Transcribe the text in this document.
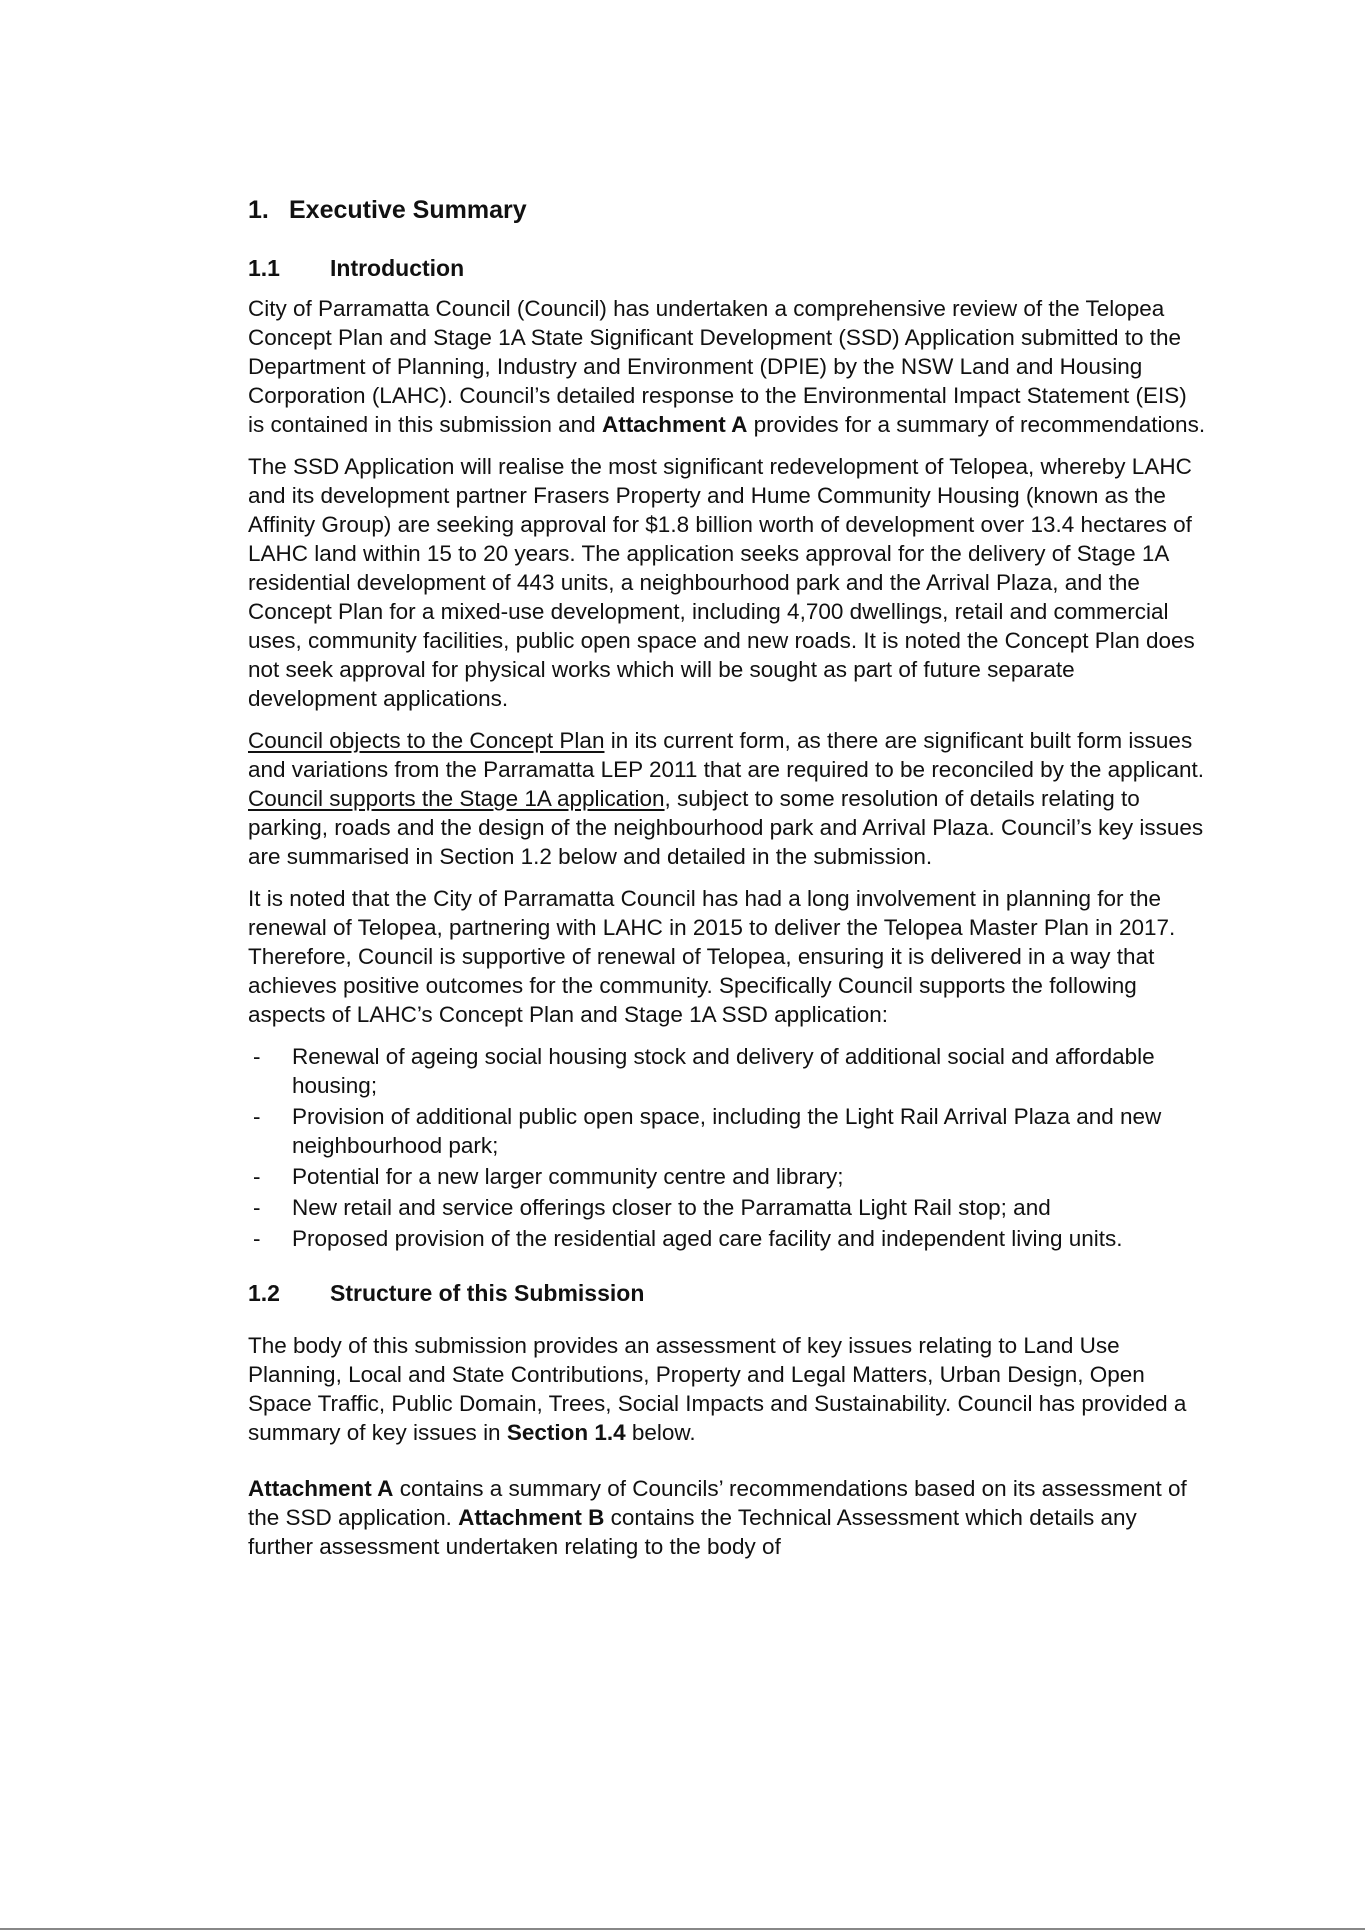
1. Executive Summary
1.1 Introduction

City of Parramatta Council (Council) has undertaken a comprehensive review of the Telopea Concept Plan and Stage 1A State Significant Development (SSD) Application submitted to the Department of Planning, Industry and Environment (DPIE) by the NSW Land and Housing Corporation (LAHC). Council’s detailed response to the Environmental Impact Statement (EIS) is contained in this submission and Attachment A provides for a summary of recommendations.

The SSD Application will realise the most significant redevelopment of Telopea, whereby LAHC and its development partner Frasers Property and Hume Community Housing (known as the Affinity Group) are seeking approval for $1.8 billion worth of development over 13.4 hectares of LAHC land within 15 to 20 years. The application seeks approval for the delivery of Stage 1A residential development of 443 units, a neighbourhood park and the Arrival Plaza, and the Concept Plan for a mixed-use development, including 4,700 dwellings, retail and commercial uses, community facilities, public open space and new roads. It is noted the Concept Plan does not seek approval for physical works which will be sought as part of future separate development applications.

Council objects to the Concept Plan in its current form, as there are significant built form issues and variations from the Parramatta LEP 2011 that are required to be reconciled by the applicant. Council supports the Stage 1A application, subject to some resolution of details relating to parking, roads and the design of the neighbourhood park and Arrival Plaza. Council’s key issues are summarised in Section 1.2 below and detailed in the submission.

It is noted that the City of Parramatta Council has had a long involvement in planning for the renewal of Telopea, partnering with LAHC in 2015 to deliver the Telopea Master Plan in 2017. Therefore, Council is supportive of renewal of Telopea, ensuring it is delivered in a way that achieves positive outcomes for the community. Specifically Council supports the following aspects of LAHC’s Concept Plan and Stage 1A SSD application:

- Renewal of ageing social housing stock and delivery of additional social and affordable housing;
- Provision of additional public open space, including the Light Rail Arrival Plaza and new neighbourhood park;
- Potential for a new larger community centre and library;
- New retail and service offerings closer to the Parramatta Light Rail stop; and
- Proposed provision of the residential aged care facility and independent living units.
1.2 Structure of this Submission

The body of this submission provides an assessment of key issues relating to Land Use Planning, Local and State Contributions, Property and Legal Matters, Urban Design, Open Space Traffic, Public Domain, Trees, Social Impacts and Sustainability. Council has provided a summary of key issues in Section 1.4 below.

Attachment A contains a summary of Councils’ recommendations based on its assessment of the SSD application. Attachment B contains the Technical Assessment which details any further assessment undertaken relating to the body of
